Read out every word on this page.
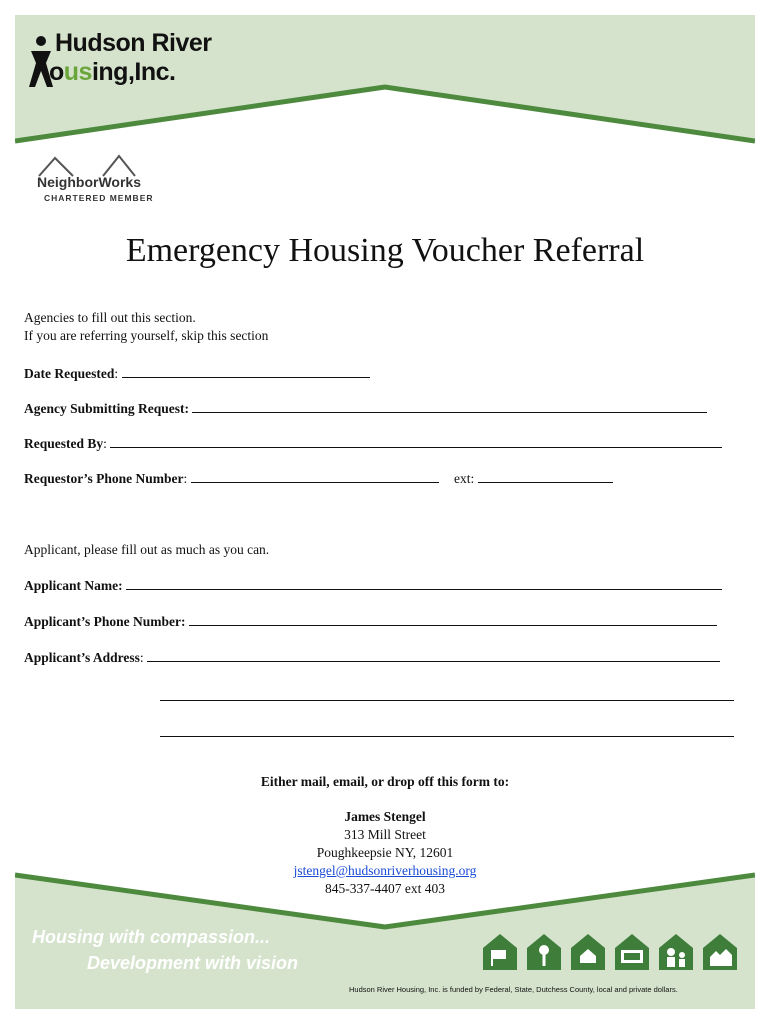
Hudson River
ousing,Inc.
NeighborWorks
CHARTERED MEMBER
Emergency Housing Voucher Referral
Agencies to fill out this section.
If you are referring yourself, skip this section
Date Requested:
Agency Submitting Request:
Requested By:
Requestor’s Phone Number:	ext:
Applicant, please fill out as much as you can.
Applicant Name:
Applicant’s Phone Number:
Applicant’s Address:
Either mail, email, or drop off this form to:
James Stengel
313 Mill Street
Poughkeepsie NY, 12601
jstengel@hudsonriverhousing.org
845-337-4407 ext 403
Housing with compassion...
Development with vision
Hudson River Housing, Inc. is funded by Federal, State, Dutchess County, local and private dollars.
